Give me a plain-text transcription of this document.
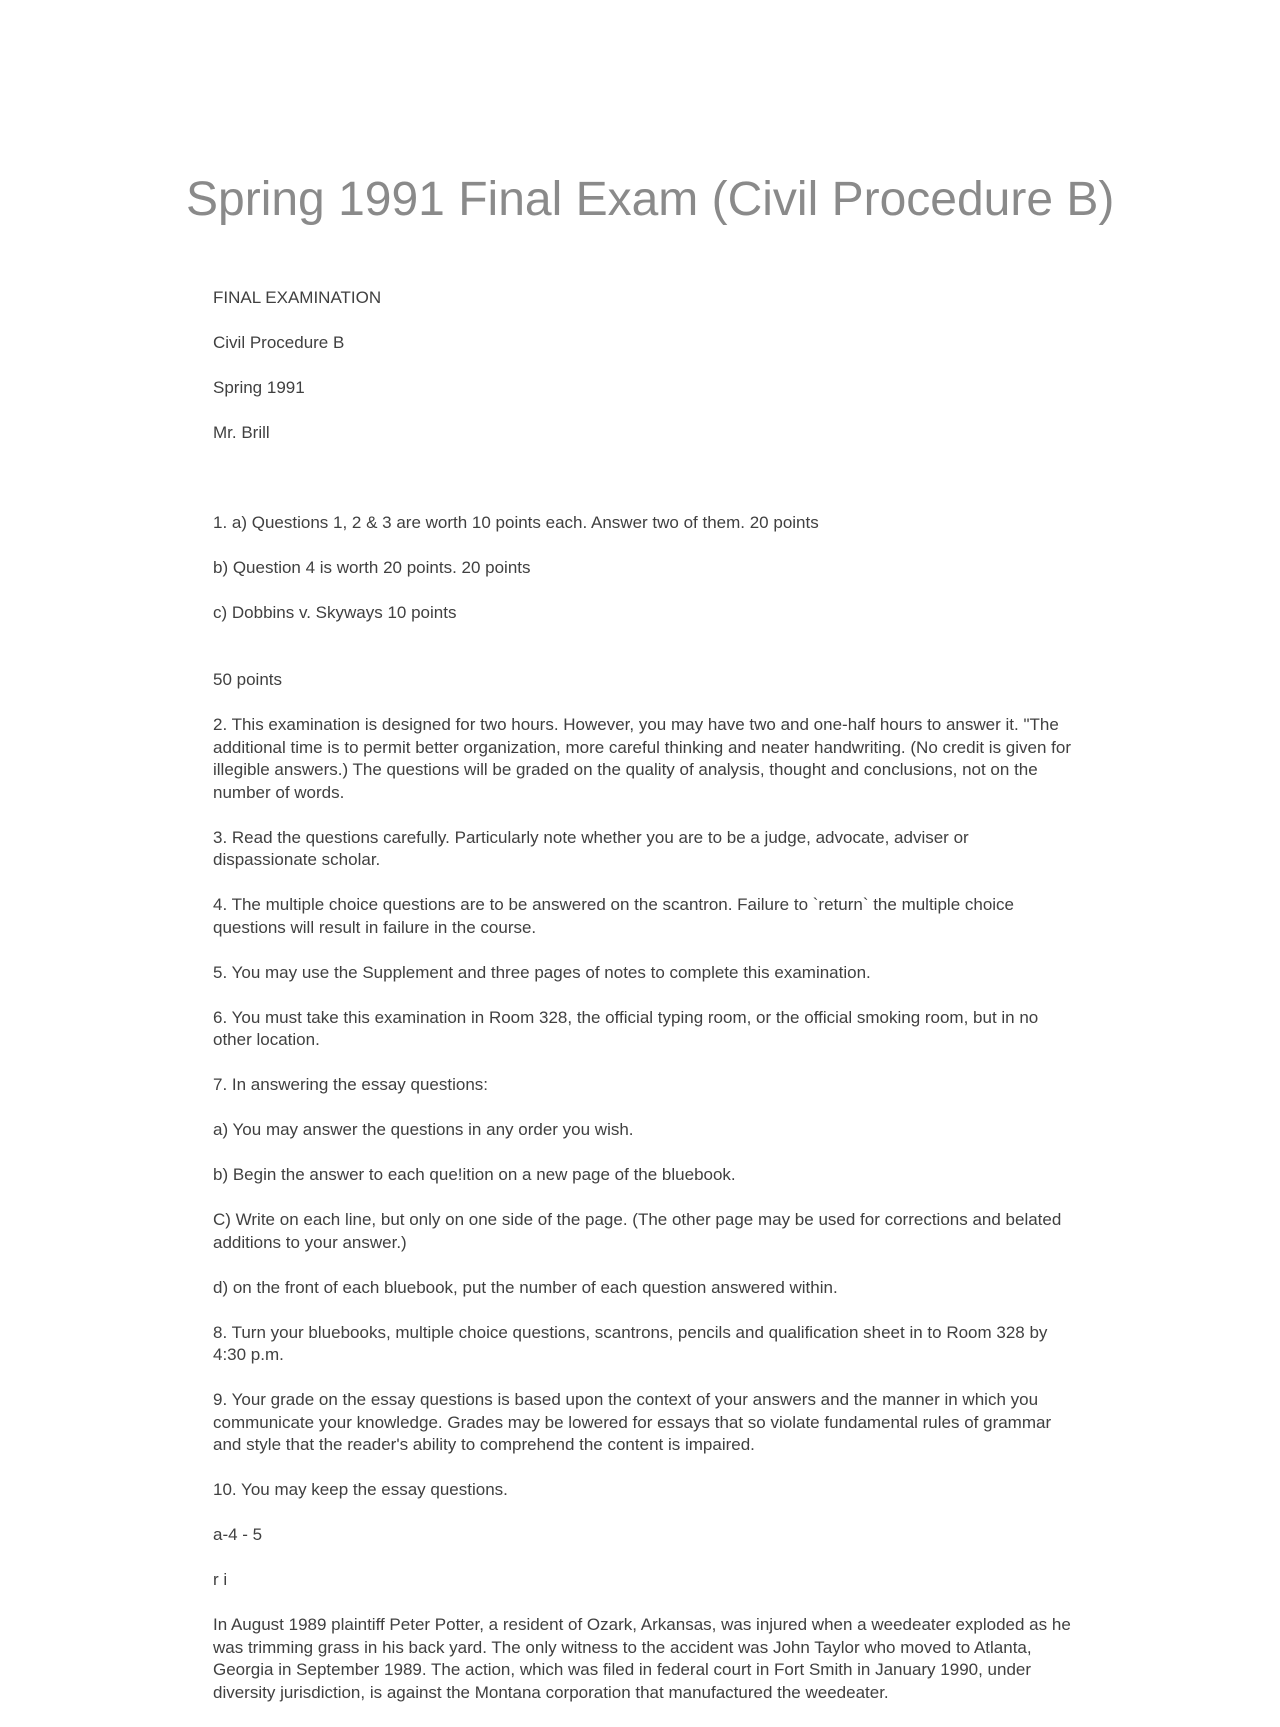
Spring 1991 Final Exam (Civil Procedure B)

FINAL EXAMINATION

Civil Procedure B

Spring 1991

Mr. Brill

1. a) Questions 1, 2 & 3 are worth 10 points each. Answer two of them. 20 points

b) Question 4 is worth 20 points. 20 points

c) Dobbins v. Skyways 10 points

50 points

2. This examination is designed for two hours. However, you may have two and one-half hours to answer it. "The additional time is to permit better organization, more careful thinking and neater handwriting. (No credit is given for illegible answers.) The questions will be graded on the quality of analysis, thought and conclusions, not on the number of words.

3. Read the questions carefully. Particularly note whether you are to be a judge, advocate, adviser or dispassionate scholar.

4. The multiple choice questions are to be answered on the scantron. Failure to `return` the multiple choice questions will result in failure in the course.

5. You may use the Supplement and three pages of notes to complete this examination.

6. You must take this examination in Room 328, the official typing room, or the official smoking room, but in no other location.

7. In answering the essay questions:

a) You may answer the questions in any order you wish.

b) Begin the answer to each que!ition on a new page of the bluebook.

C) Write on each line, but only on one side of the page. (The other page may be used for corrections and belated additions to your answer.)

d) on the front of each bluebook, put the number of each question answered within.

8. Turn your bluebooks, multiple choice questions, scantrons, pencils and qualification sheet in to Room 328 by 4:30 p.m.

9. Your grade on the essay questions is based upon the context of your answers and the manner in which you communicate your knowledge. Grades may be lowered for essays that so violate fundamental rules of grammar and style that the reader's ability to comprehend the content is impaired.

10. You may keep the essay questions.

a-4 - 5

r i

In August 1989 plaintiff Peter Potter, a resident of Ozark, Arkansas, was injured when a weedeater exploded as he was trimming grass in his back yard. The only witness to the accident was John Taylor who moved to Atlanta, Georgia in September 1989. The action, which was filed in federal court in Fort Smith in January 1990, under diversity jurisdiction, is against the Montana corporation that manufactured the weedeater.
